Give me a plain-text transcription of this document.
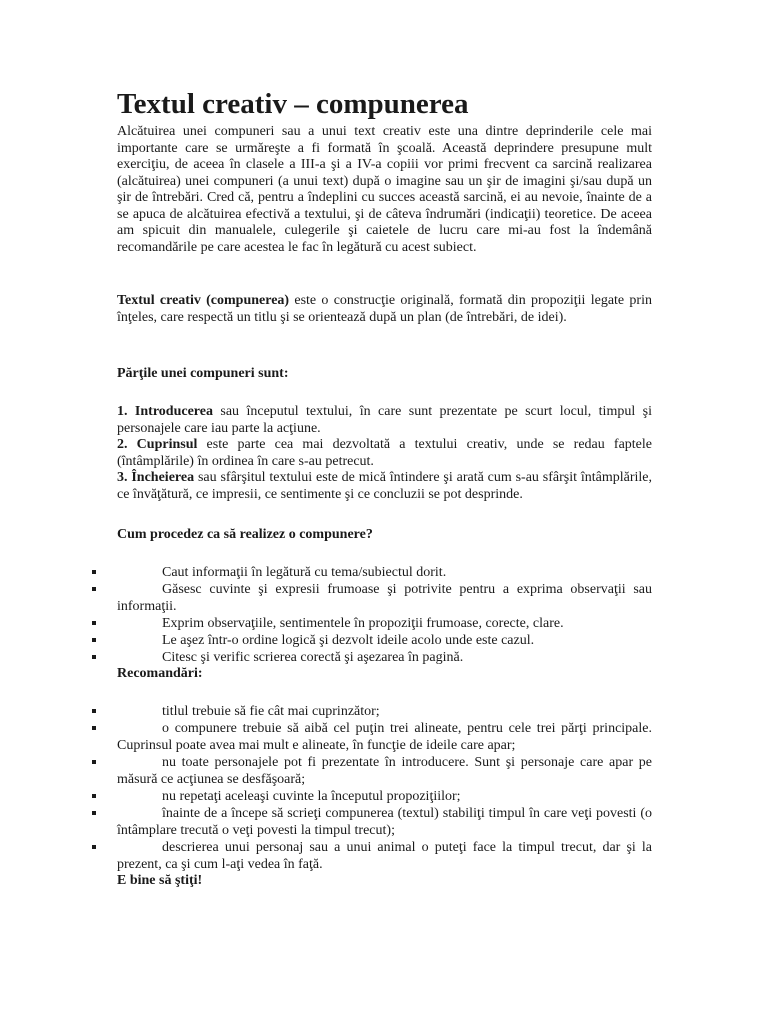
Textul creativ – compunerea

Alcătuirea unei compuneri sau a unui text creativ este una dintre deprinderile cele mai importante care se urmăreşte a fi formată în şcoală. Această deprindere presupune mult exerciţiu, de aceea în clasele a III-a şi a IV-a copiii vor primi frecvent ca sarcină realizarea (alcătuirea) unei compuneri (a unui text) după o imagine sau un şir de imagini şi/sau după un şir de întrebări. Cred că, pentru a îndeplini cu succes această sarcină, ei au nevoie, înainte de a se apuca de alcătuirea efectivă a textului, şi de câteva îndrumări (indicaţii) teoretice. De aceea am spicuit din manualele, culegerile şi caietele de lucru care mi-au fost la îndemână recomandările pe care acestea le fac în legătură cu acest subiect.

Textul creativ (compunerea) este o construcţie originală, formată din propoziţii legate prin înţeles, care respectă un titlu şi se orientează după un plan (de întrebări, de idei).

Părţile unei compuneri sunt:

1. Introducerea sau începutul textului, în care sunt prezentate pe scurt locul, timpul şi personajele care iau parte la acţiune.

2. Cuprinsul este parte cea mai dezvoltată a textului creativ, unde se redau faptele (întâmplările) în ordinea în care s-au petrecut.

3. Încheierea sau sfârşitul textului este de mică întindere şi arată cum s-au sfârşit întâmplările, ce învăţătură, ce impresii, ce sentimente şi ce concluzii se pot desprinde.

Cum procedez ca să realizez o compunere?

Caut informaţii în legătură cu tema/subiectul dorit.
Găsesc cuvinte şi expresii frumoase şi potrivite pentru a exprima observaţii sau informaţii.
Exprim observaţiile, sentimentele în propoziţii frumoase, corecte, clare.
Le aşez într-o ordine logică şi dezvolt ideile acolo unde este cazul.
Citesc şi verific scrierea corectă şi aşezarea în pagină.

Recomandări:

titlul trebuie să fie cât mai cuprinzător;
o compunere trebuie să aibă cel puţin trei alineate, pentru cele trei părţi principale. Cuprinsul poate avea mai mult e alineate, în funcţie de ideile care apar;
nu toate personajele pot fi prezentate în introducere. Sunt şi personaje care apar pe măsură ce acţiunea se desfăşoară;
nu repetaţi aceleaşi cuvinte la începutul propoziţiilor;
înainte de a începe să scrieţi compunerea (textul) stabiliţi timpul în care veţi povesti (o întâmplare trecută o veţi povesti la timpul trecut);
descrierea unui personaj sau a unui animal o puteţi face la timpul trecut, dar şi la prezent, ca şi cum l-aţi vedea în faţă.

E bine să ştiţi!
